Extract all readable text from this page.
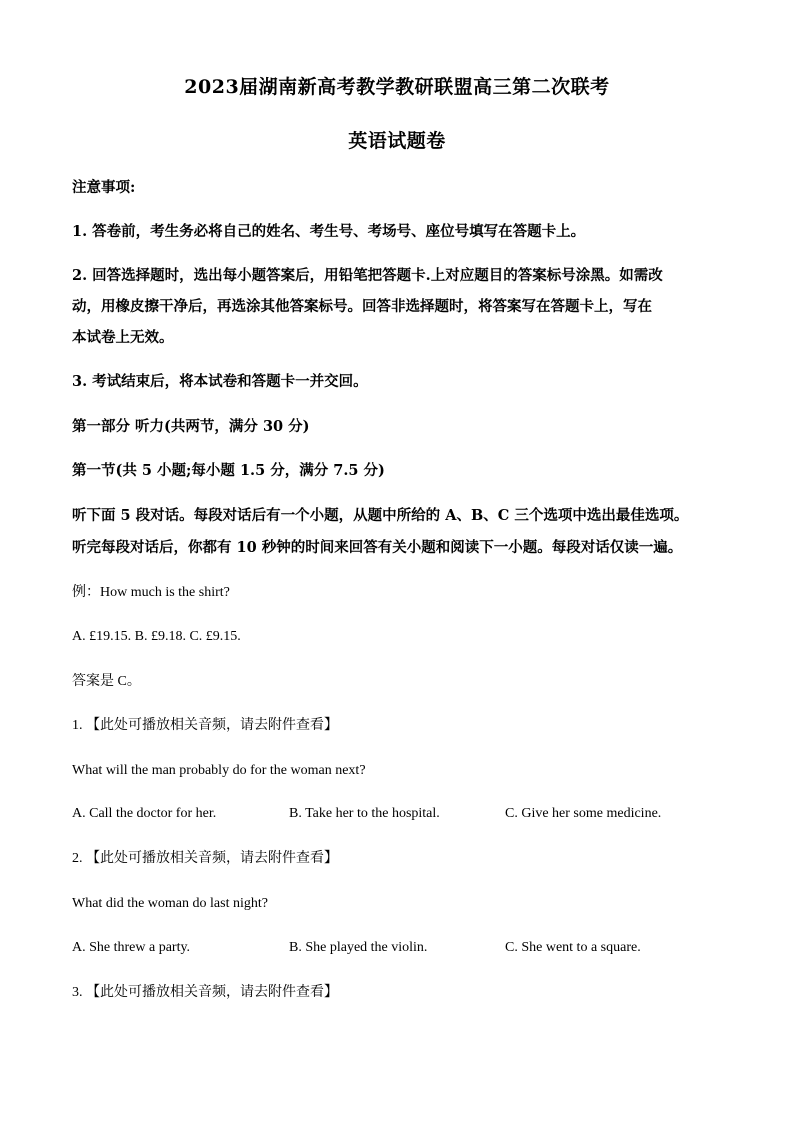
2023届湖南新高考教学教研联盟高三第二次联考
英语试题卷
注意事项:
1. 答卷前，考生务必将自己的姓名、考生号、考场号、座位号填写在答题卡上。
2. 回答选择题时，选出每小题答案后，用铅笔把答题卡.上对应题目的答案标号涂黑。如需改
动，用橡皮擦干净后，再选涂其他答案标号。回答非选择题时，将答案写在答题卡上，写在
本试卷上无效。
3. 考试结束后，将本试卷和答题卡一并交回。
第一部分 听力(共两节，满分 30 分)
第一节(共 5 小题;每小题 1.5 分，满分 7.5 分)
听下面 5 段对话。每段对话后有一个小题，从题中所给的 A、B、C 三个选项中选出最佳选项。
听完每段对话后，你都有 10 秒钟的时间来回答有关小题和阅读下一小题。每段对话仅读一遍。
例：How much is the shirt?
A. £19.15. B. £9.18. C. £9.15.
答案是 C。
1. 【此处可播放相关音频，请去附件查看】
What will the man probably do for the woman next?
A. Call the doctor for her.	B. Take her to the hospital.	C. Give her some medicine.
2. 【此处可播放相关音频，请去附件查看】
What did the woman do last night?
A. She threw a party.	B. She played the violin.	C. She went to a square.
3. 【此处可播放相关音频，请去附件查看】
